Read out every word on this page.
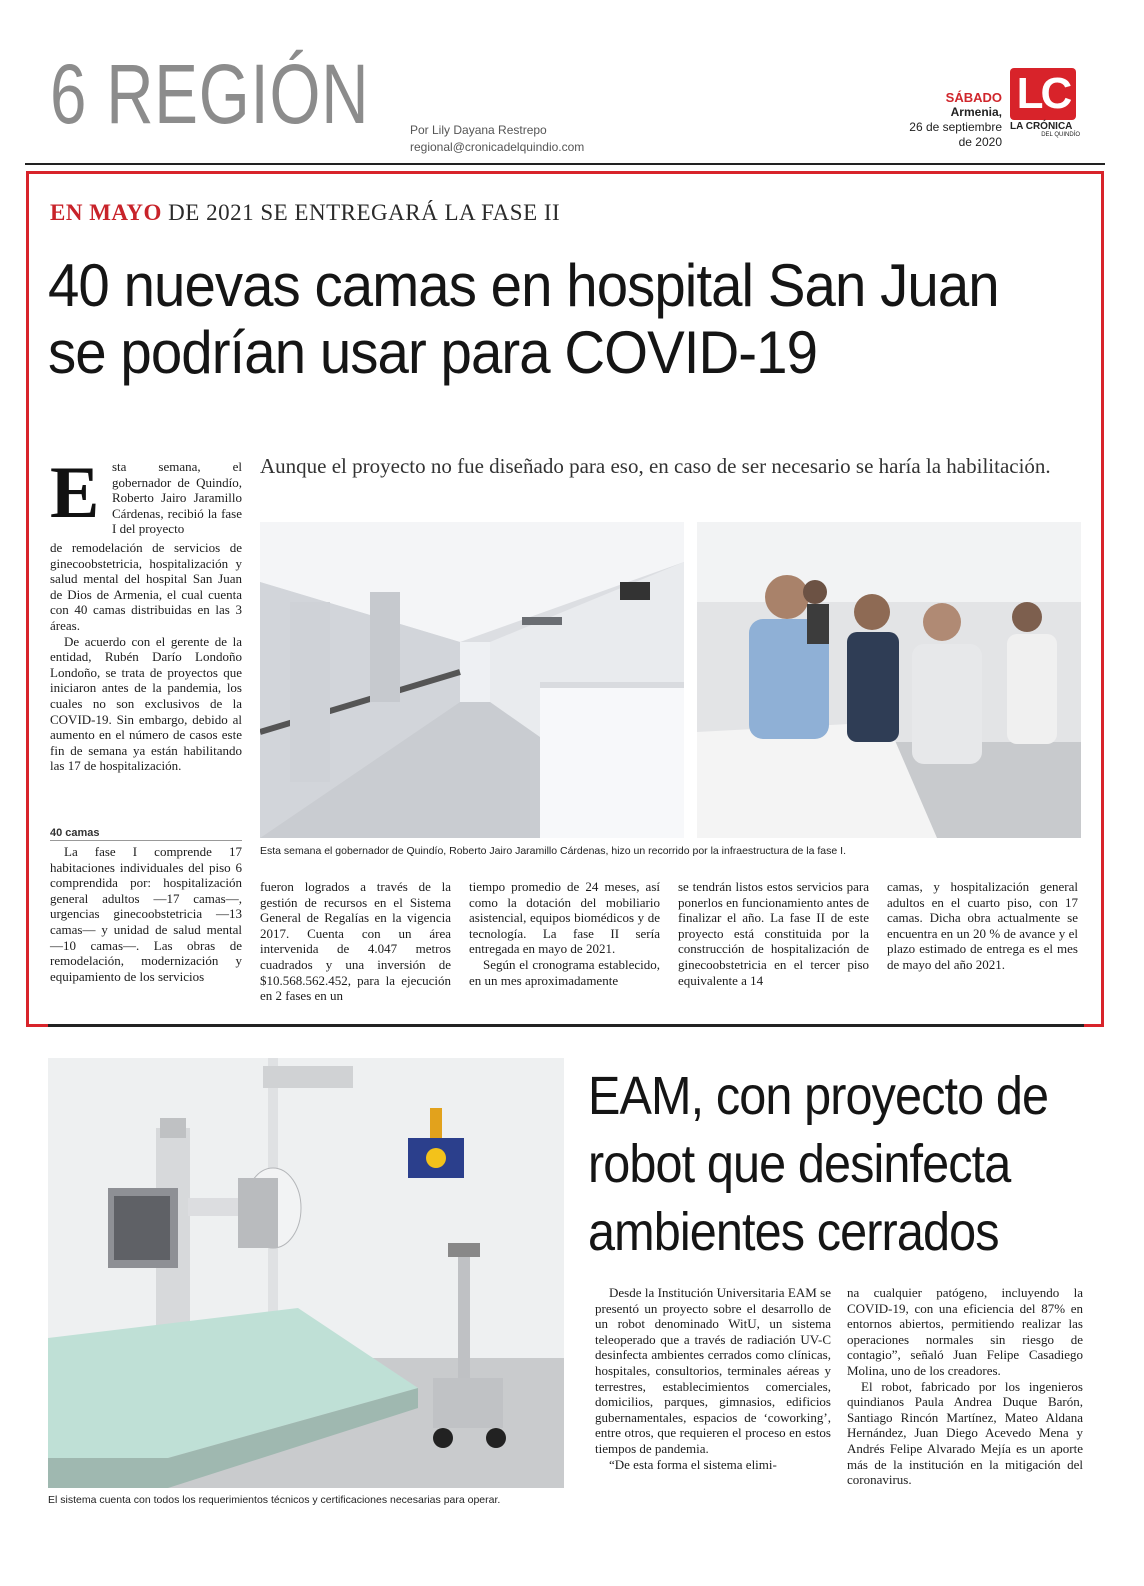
6 REGIÓN	Por Lily Dayana Restrepo
regional@cronicadelquindio.com
SÁBADO
Armenia,
26 de septiembre
de 2020
LC
LA CRÓNICA
DEL QUINDÍO
EN MAYO DE 2021 SE ENTREGARÁ LA FASE II
40 nuevas camas en hospital San Juan se podrían usar para COVID-19
E sta semana, el gobernador de Quindío, Roberto Jairo Jaramillo Cárdenas, recibió la fase I del proyecto

de remodelación de servicios de ginecoobstetricia, hospitalización y salud mental del hospital San Juan de Dios de Armenia, el cual cuenta con 40 camas distribuidas en las 3 áreas.

De acuerdo con el gerente de la entidad, Rubén Darío Londoño Londoño, se trata de proyectos que iniciaron antes de la pandemia, los cuales no son exclusivos de la COVID-19. Sin embargo, debido al aumento en el número de casos este fin de semana ya están habilitando las 17 de hospitalización.

40 camas

La fase I comprende 17 habitaciones individuales del piso 6 comprendida por: hospitalización general adultos —17 camas—, urgencias ginecoobstetricia —13 camas— y unidad de salud mental —10 camas—. Las obras de remodelación, modernización y equipamiento de los servicios

Aunque el proyecto no fue diseñado para eso, en caso de ser necesario se haría la habilitación.
Esta semana el gobernador de Quindío, Roberto Jairo Jaramillo Cárdenas, hizo un recorrido por la infraestructura de la fase I.

fueron logrados a través de la gestión de recursos en el Sistema General de Regalías en la vigencia 2017. Cuenta con un área intervenida de 4.047 metros cuadrados y una inversión de $10.568.562.452, para la ejecución en 2 fases en un

tiempo promedio de 24 meses, así como la dotación del mobiliario asistencial, equipos biomédicos y de tecnología. La fase II sería entregada en mayo de 2021.

Según el cronograma establecido, en un mes aproximadamente

se tendrán listos estos servicios para ponerlos en funcionamiento antes de finalizar el año. La fase II de este proyecto está constituida por la construcción de hospitalización de ginecoobstetricia en el tercer piso equivalente a 14

camas, y hospitalización general adultos en el cuarto piso, con 17 camas. Dicha obra actualmente se encuentra en un 20 % de avance y el plazo estimado de entrega es el mes de mayo del año 2021.

El sistema cuenta con todos los requerimientos técnicos y certificaciones necesarias para operar.
EAM, con proyecto de robot que desinfecta ambientes cerrados

Desde la Institución Universitaria EAM se presentó un proyecto sobre el desarrollo de un robot denominado WitU, un sistema teleoperado que a través de radiación UV-C desinfecta ambientes cerrados como clínicas, hospitales, consultorios, terminales aéreas y terrestres, establecimientos comerciales, domicilios, parques, gimnasios, edificios gubernamentales, espacios de ‘coworking’, entre otros, que requieren el proceso en estos tiempos de pandemia.

“De esta forma el sistema elimi-

na cualquier patógeno, incluyendo la COVID-19, con una eficiencia del 87% en entornos abiertos, permitiendo realizar las operaciones normales sin riesgo de contagio”, señaló Juan Felipe Casadiego Molina, uno de los creadores.

El robot, fabricado por los ingenieros quindianos Paula Andrea Duque Barón, Santiago Rincón Martínez, Mateo Aldana Hernández, Juan Diego Acevedo Mena y Andrés Felipe Alvarado Mejía es un aporte más de la institución en la mitigación del coronavirus.
